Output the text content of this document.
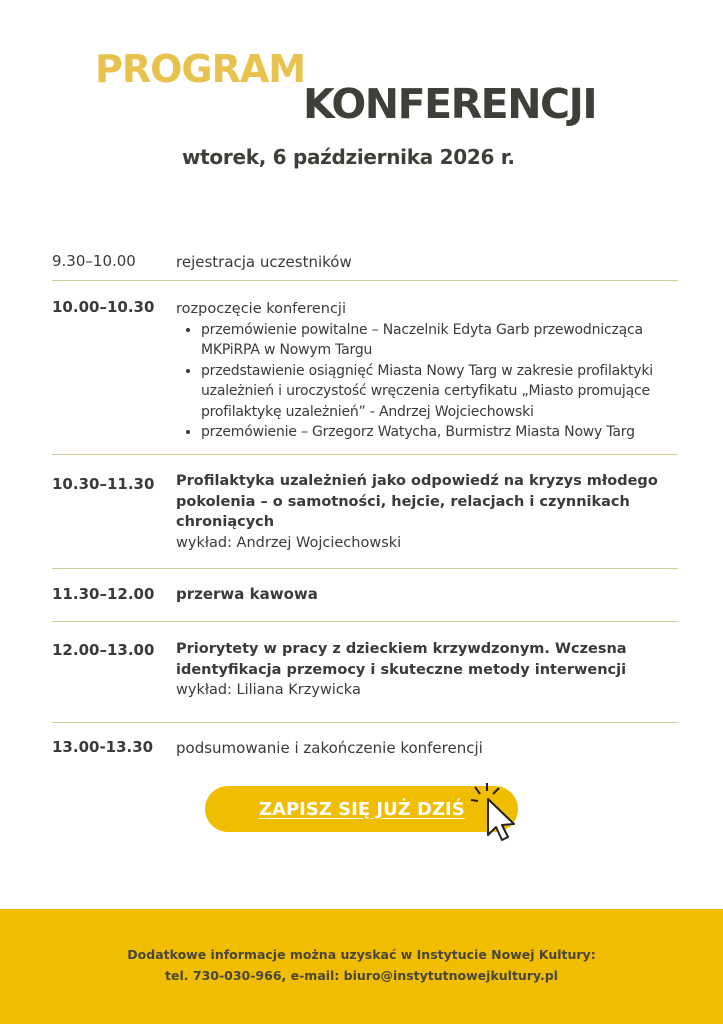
PROGRAM
KONFERENCJI
wtorek, 6 października 2026 r.
9.30–10.00	rejestracja uczestników
10.00–10.30 rozpoczęcie konferencji
• przemówienie powitalne – Naczelnik Edyta Garb przewodnicząca MKPiRPA w Nowym Targu
• przedstawienie osiągnięć Miasta Nowy Targ w zakresie profilaktyki uzależnień i uroczystość wręczenia certyfikatu „Miasto promujące profilaktykę uzależnień” - Andrzej Wojciechowski
• przemówienie – Grzegorz Watycha, Burmistrz Miasta Nowy Targ
10.30–11.30 Profilaktyka uzależnień jako odpowiedź na kryzys młodego pokolenia – o samotności, hejcie, relacjach i czynnikach chroniących
wykład: Andrzej Wojciechowski
11.30–12.00 przerwa kawowa
12.00–13.00 Priorytety w pracy z dzieckiem krzywdzonym. Wczesna identyfikacja przemocy i skuteczne metody interwencji
wykład: Liliana Krzywicka
13.00-13.30 podsumowanie i zakończenie konferencji
ZAPISZ SIĘ JUŻ DZIŚ
Dodatkowe informacje można uzyskać w Instytucie Nowej Kultury:
tel. 730-030-966, e-mail: biuro@instytutnowejkultury.pl
